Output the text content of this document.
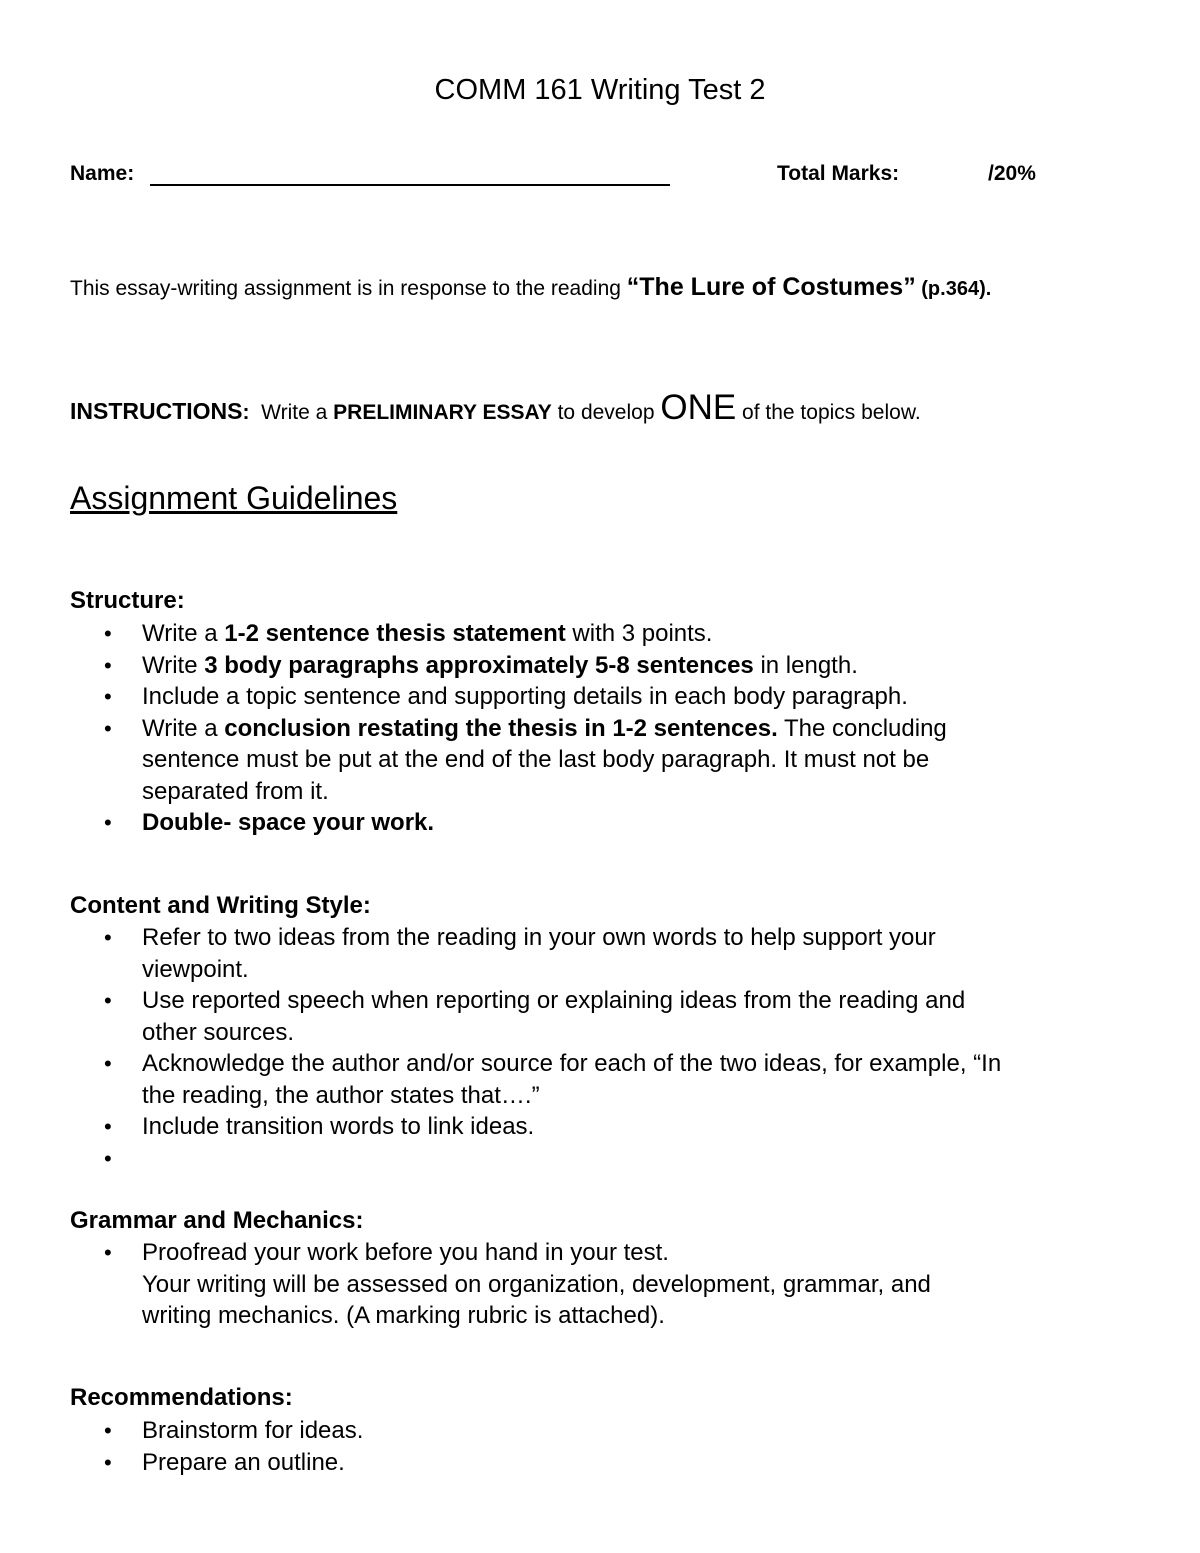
COMM 161 Writing Test 2
Name:	Total Marks:	/20%
This essay-writing assignment is in response to the reading “The Lure of Costumes” (p.364).
INSTRUCTIONS:  Write a PRELIMINARY ESSAY to develop ONE of the topics below.
Assignment Guidelines
Structure:
• Write a 1-2 sentence thesis statement with 3 points.
• Write 3 body paragraphs approximately 5-8 sentences in length.
• Include a topic sentence and supporting details in each body paragraph.
• Write a conclusion restating the thesis in 1-2 sentences. The concluding
sentence must be put at the end of the last body paragraph. It must not be
separated from it.
• Double- space your work.
Content and Writing Style:
• Refer to two ideas from the reading in your own words to help support your
viewpoint.
• Use reported speech when reporting or explaining ideas from the reading and
other sources.
• Acknowledge the author and/or source for each of the two ideas, for example, “In
the reading, the author states that….”
• Include transition words to link ideas.
•
Grammar and Mechanics:
• Proofread your work before you hand in your test.
Your writing will be assessed on organization, development, grammar, and
writing mechanics. (A marking rubric is attached).
Recommendations:
• Brainstorm for ideas.
• Prepare an outline.
